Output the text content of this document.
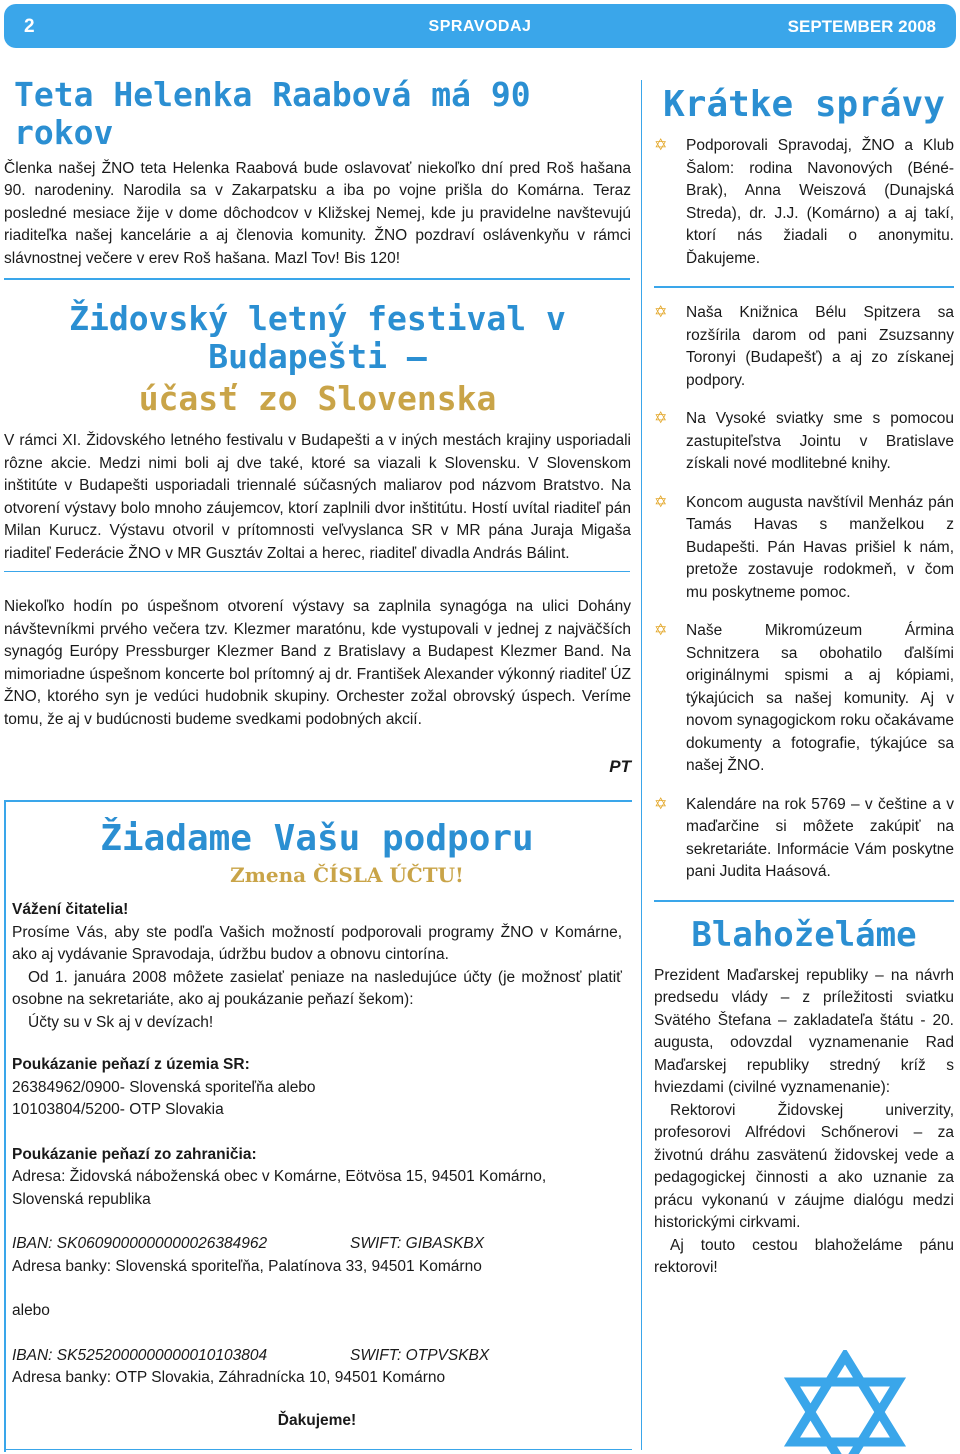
2	SPRAVODAJ	SEPTEMBER 2008
Teta Helenka Raabová má 90 rokov

Členka našej ŽNO teta Helenka Raabová bude oslavovať niekoľko dní pred Roš hašana 90. narodeniny. Narodila sa v Zakarpatsku a iba po vojne prišla do Komárna. Teraz posledné mesiace žije v dome dôchodcov v Kližskej Nemej, kde ju pravidelne navštevujú riaditeľka našej kancelárie a aj členovia komunity. ŽNO pozdraví oslávenkyňu v rámci slávnostnej večere v erev Roš hašana. Mazl Tov! Bis 120!

Židovský letný festival v Budapešti –
účasť zo Slovenska

V rámci XI. Židovského letného festivalu v Budapešti a v iných mestách krajiny usporiadali rôzne akcie. Medzi nimi boli aj dve také, ktoré sa viazali k Slovensku. V Slovenskom inštitúte v Budapešti usporiadali triennalé súčasných maliarov pod názvom Bratstvo. Na otvorení výstavy bolo mnoho záujemcov, ktorí zaplnili dvor inštitútu. Hostí uvítal riaditeľ pán Milan Kurucz. Výstavu otvoril v prítomnosti veľvyslanca SR v MR pána Juraja Migaša riaditeľ Federácie ŽNO v MR Gusztáv Zoltai a herec, riaditeľ divadla András Bálint.

Niekoľko hodín po úspešnom otvorení výstavy sa zaplnila synagóga na ulici Dohány návštevníkmi prvého večera tzv. Klezmer maratónu, kde vystupovali v jednej z najväčších synagóg Európy Pressburger Klezmer Band z Bratislavy a Budapest Klezmer Band. Na mimoriadne úspešnom koncerte bol prítomný aj dr. František Alexander výkonný riaditeľ ÚZ ŽNO, ktorého syn je vedúci hudobnik skupiny. Orchester zožal obrovský úspech. Veríme tomu, že aj v budúcnosti budeme svedkami podobných akcií.

PT
Žiadame Vašu podporu
Zmena ČÍSLA ÚČTU!

Vážení čitatelia!

Prosíme Vás, aby ste podľa Vašich možností podporovali programy ŽNO v Komárne, ako aj vydávanie Spravodaja, údržbu budov a obnovu cintorína.

Od 1. januára 2008 môžete zasielať peniaze na nasledujúce účty (je možnosť platiť osobne na sekretariáte, ako aj poukázanie peňazí šekom):

Účty su v Sk aj v devízach!

Poukázanie peňazí z územia SR:

26384962/0900- Slovenská sporiteľňa alebo

10103804/5200- OTP Slovakia

Poukázanie peňazí zo zahraničia:

Adresa: Židovská náboženská obec v Komárne, Eötvösa 15, 94501 Komárno, Slovenská republika

IBAN: SK0609000000000026384962	SWIFT: GIBASKBX

Adresa banky: Slovenská sporiteľňa, Palatínova 33, 94501 Komárno

alebo

IBAN: SK5252000000000010103804	SWIFT: OTPVSKBX

Adresa banky: OTP Slovakia, Záhradnícka 10, 94501 Komárno

Ďakujeme!

Krátke správy
✡	Podporovali Spravodaj, ŽNO a Klub Šalom: rodina Navonových (Béné-Brak), Anna Weiszová (Dunajská Streda), dr. J.J. (Komárno) a aj takí, ktorí nás žiadali o anonymitu. Ďakujeme.

✡	Naša Knižnica Bélu Spitzera sa rozšírila darom od pani Zsuzsanny Toronyi (Budapešť) a aj zo získanej podpory.

✡	Na Vysoké sviatky sme s pomocou zastupiteľstva Jointu v Bratislave získali nové modlitebné knihy.

✡	Koncom augusta navštívil Menház pán Tamás Havas s manželkou z Budapešti. Pán Havas prišiel k nám, pretože zostavuje rodokmeň, v čom mu poskytneme pomoc.

✡	Naše Mikromúzeum Ármina Schnitzera sa obohatilo ďalšími originálnymi spismi a aj kópiami, týkajúcich sa našej komunity. Aj v novom synagogickom roku očakávame dokumenty a fotografie, týkajúce sa našej ŽNO.

✡	Kalendáre na rok 5769 – v češtine a v maďarčine si môžete zakúpiť na sekretariáte. Informácie Vám poskytne pani Judita Haásová.

Blahoželáme

Prezident Maďarskej republiky – na návrh predsedu vlády – z príležitosti sviatku Svätého Štefana – zakladateľa štátu - 20. augusta, odovzdal vyznamenanie Rad Maďarskej republiky stredný kríž s hviezdami (civilné vyznamenanie):

Rektorovi Židovskej univerzity, profesorovi Alfrédovi Schőnerovi – za životnú dráhu zasvätenú židovskej vede a pedagogickej činnosti a ako uznanie za prácu vykonanú v záujme dialógu medzi historickými cirkvami.

Aj touto cestou blahoželáme pánu rektorovi!
